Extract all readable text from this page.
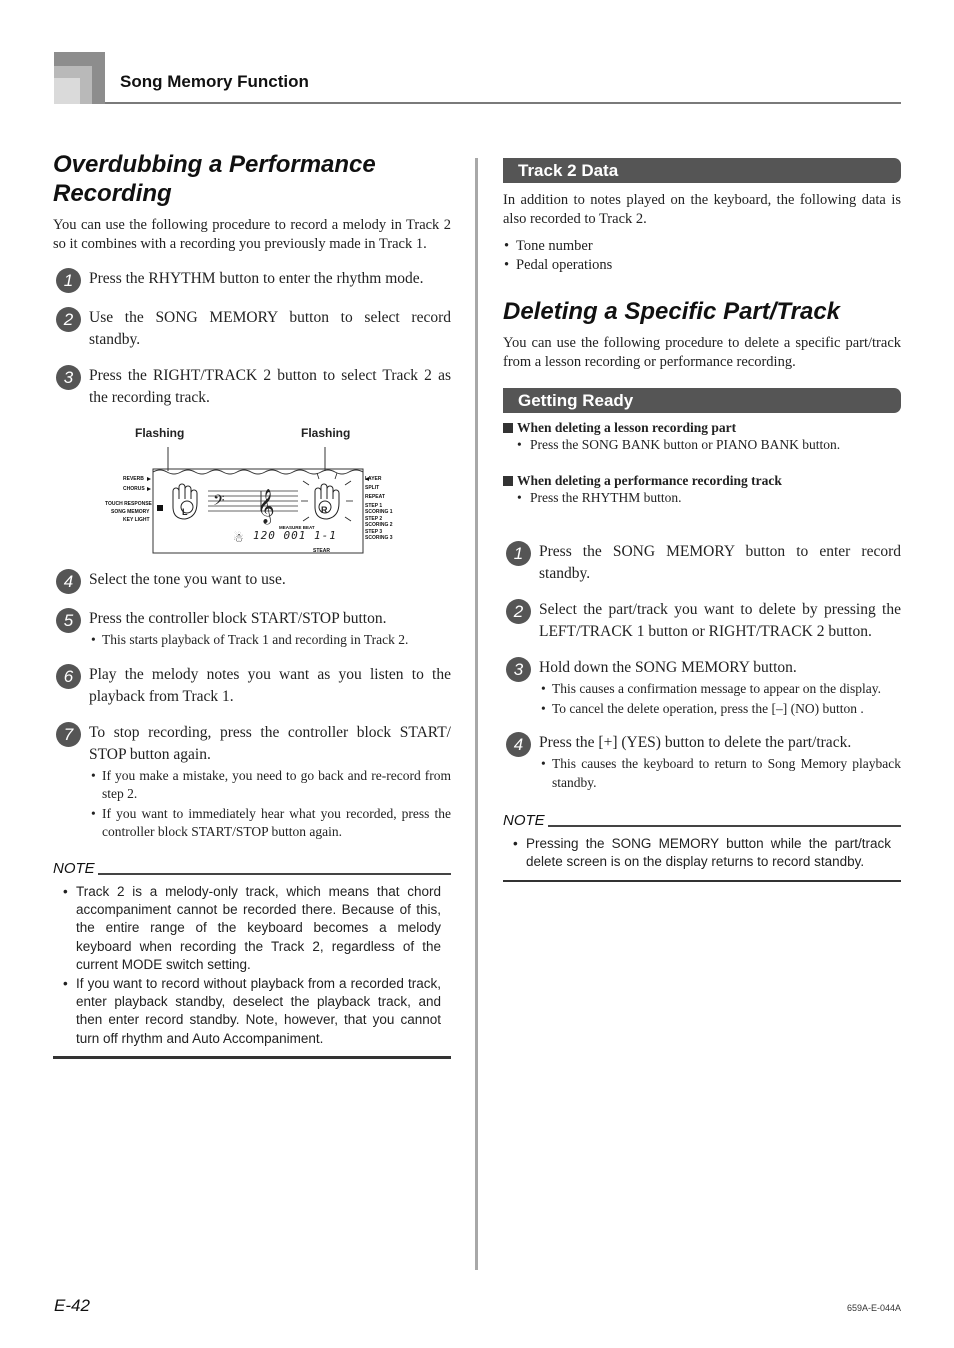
Song Memory Function
Overdubbing a Performance Recording
You can use the following procedure to record a melody in Track 2 so it combines with a recording you previously made in Track 1.
1	Press the RHYTHM button to enter the rhythm mode.
2	Use the SONG MEMORY button to select record standby.
3	Press the RIGHT/TRACK 2 button to select Track 2 as the recording track.
Flashing	Flashing
𝄢 𝄞
☃
REVERB
CHORUS
TOUCH RESPONSE
SONG MEMORY
KEY LIGHT
LAYER
SPLIT
REPEAT
STEP 1
SCORING 1
STEP 2
SCORING 2
STEP 3
SCORING 3
L	R
MEASURE BEAT
120 001 1-1
STEAR
4	Select the tone you want to use.
5	Press the controller block START/STOP button.
• This starts playback of Track 1 and recording in Track 2.
6	Play the melody notes you want as you listen to the playback from Track 1.
7	To stop recording, press the controller block START/ STOP button again.
• If you make a mistake, you need to go back and re-record from step 2.
• If you want to immediately hear what you recorded, press the controller block START/STOP button again.
NOTE
• Track 2 is a melody-only track, which means that chord accompaniment cannot be recorded there. Because of this, the entire range of the keyboard becomes a melody keyboard when recording the Track 2, regardless of the current MODE switch setting.
• If you want to record without playback from a recorded track, enter playback standby, deselect the playback track, and then enter record standby. Note, however, that you cannot turn off rhythm and Auto Accompaniment.
Track 2 Data
In addition to notes played on the keyboard, the following data is also recorded to Track 2.
• Tone number
• Pedal operations
Deleting a Specific Part/Track
You can use the following procedure to delete a specific part/track from a lesson recording or performance recording.
Getting Ready
When deleting a lesson recording part
• Press the SONG BANK button or PIANO BANK button.
When deleting a performance recording track
• Press the RHYTHM button.
1	Press the SONG MEMORY button to enter record standby.
2	Select the part/track you want to delete by pressing the LEFT/TRACK 1 button or RIGHT/TRACK 2 button.
3	Hold down the SONG MEMORY button.
• This causes a confirmation message to appear on the display.
• To cancel the delete operation, press the [–] (NO) button .
4	Press the [+] (YES) button to delete the part/track.
• This causes the keyboard to return to Song Memory playback standby.
NOTE
• Pressing the SONG MEMORY button while the part/track delete screen is on the display returns to record standby.
E-42	659A-E-044A
